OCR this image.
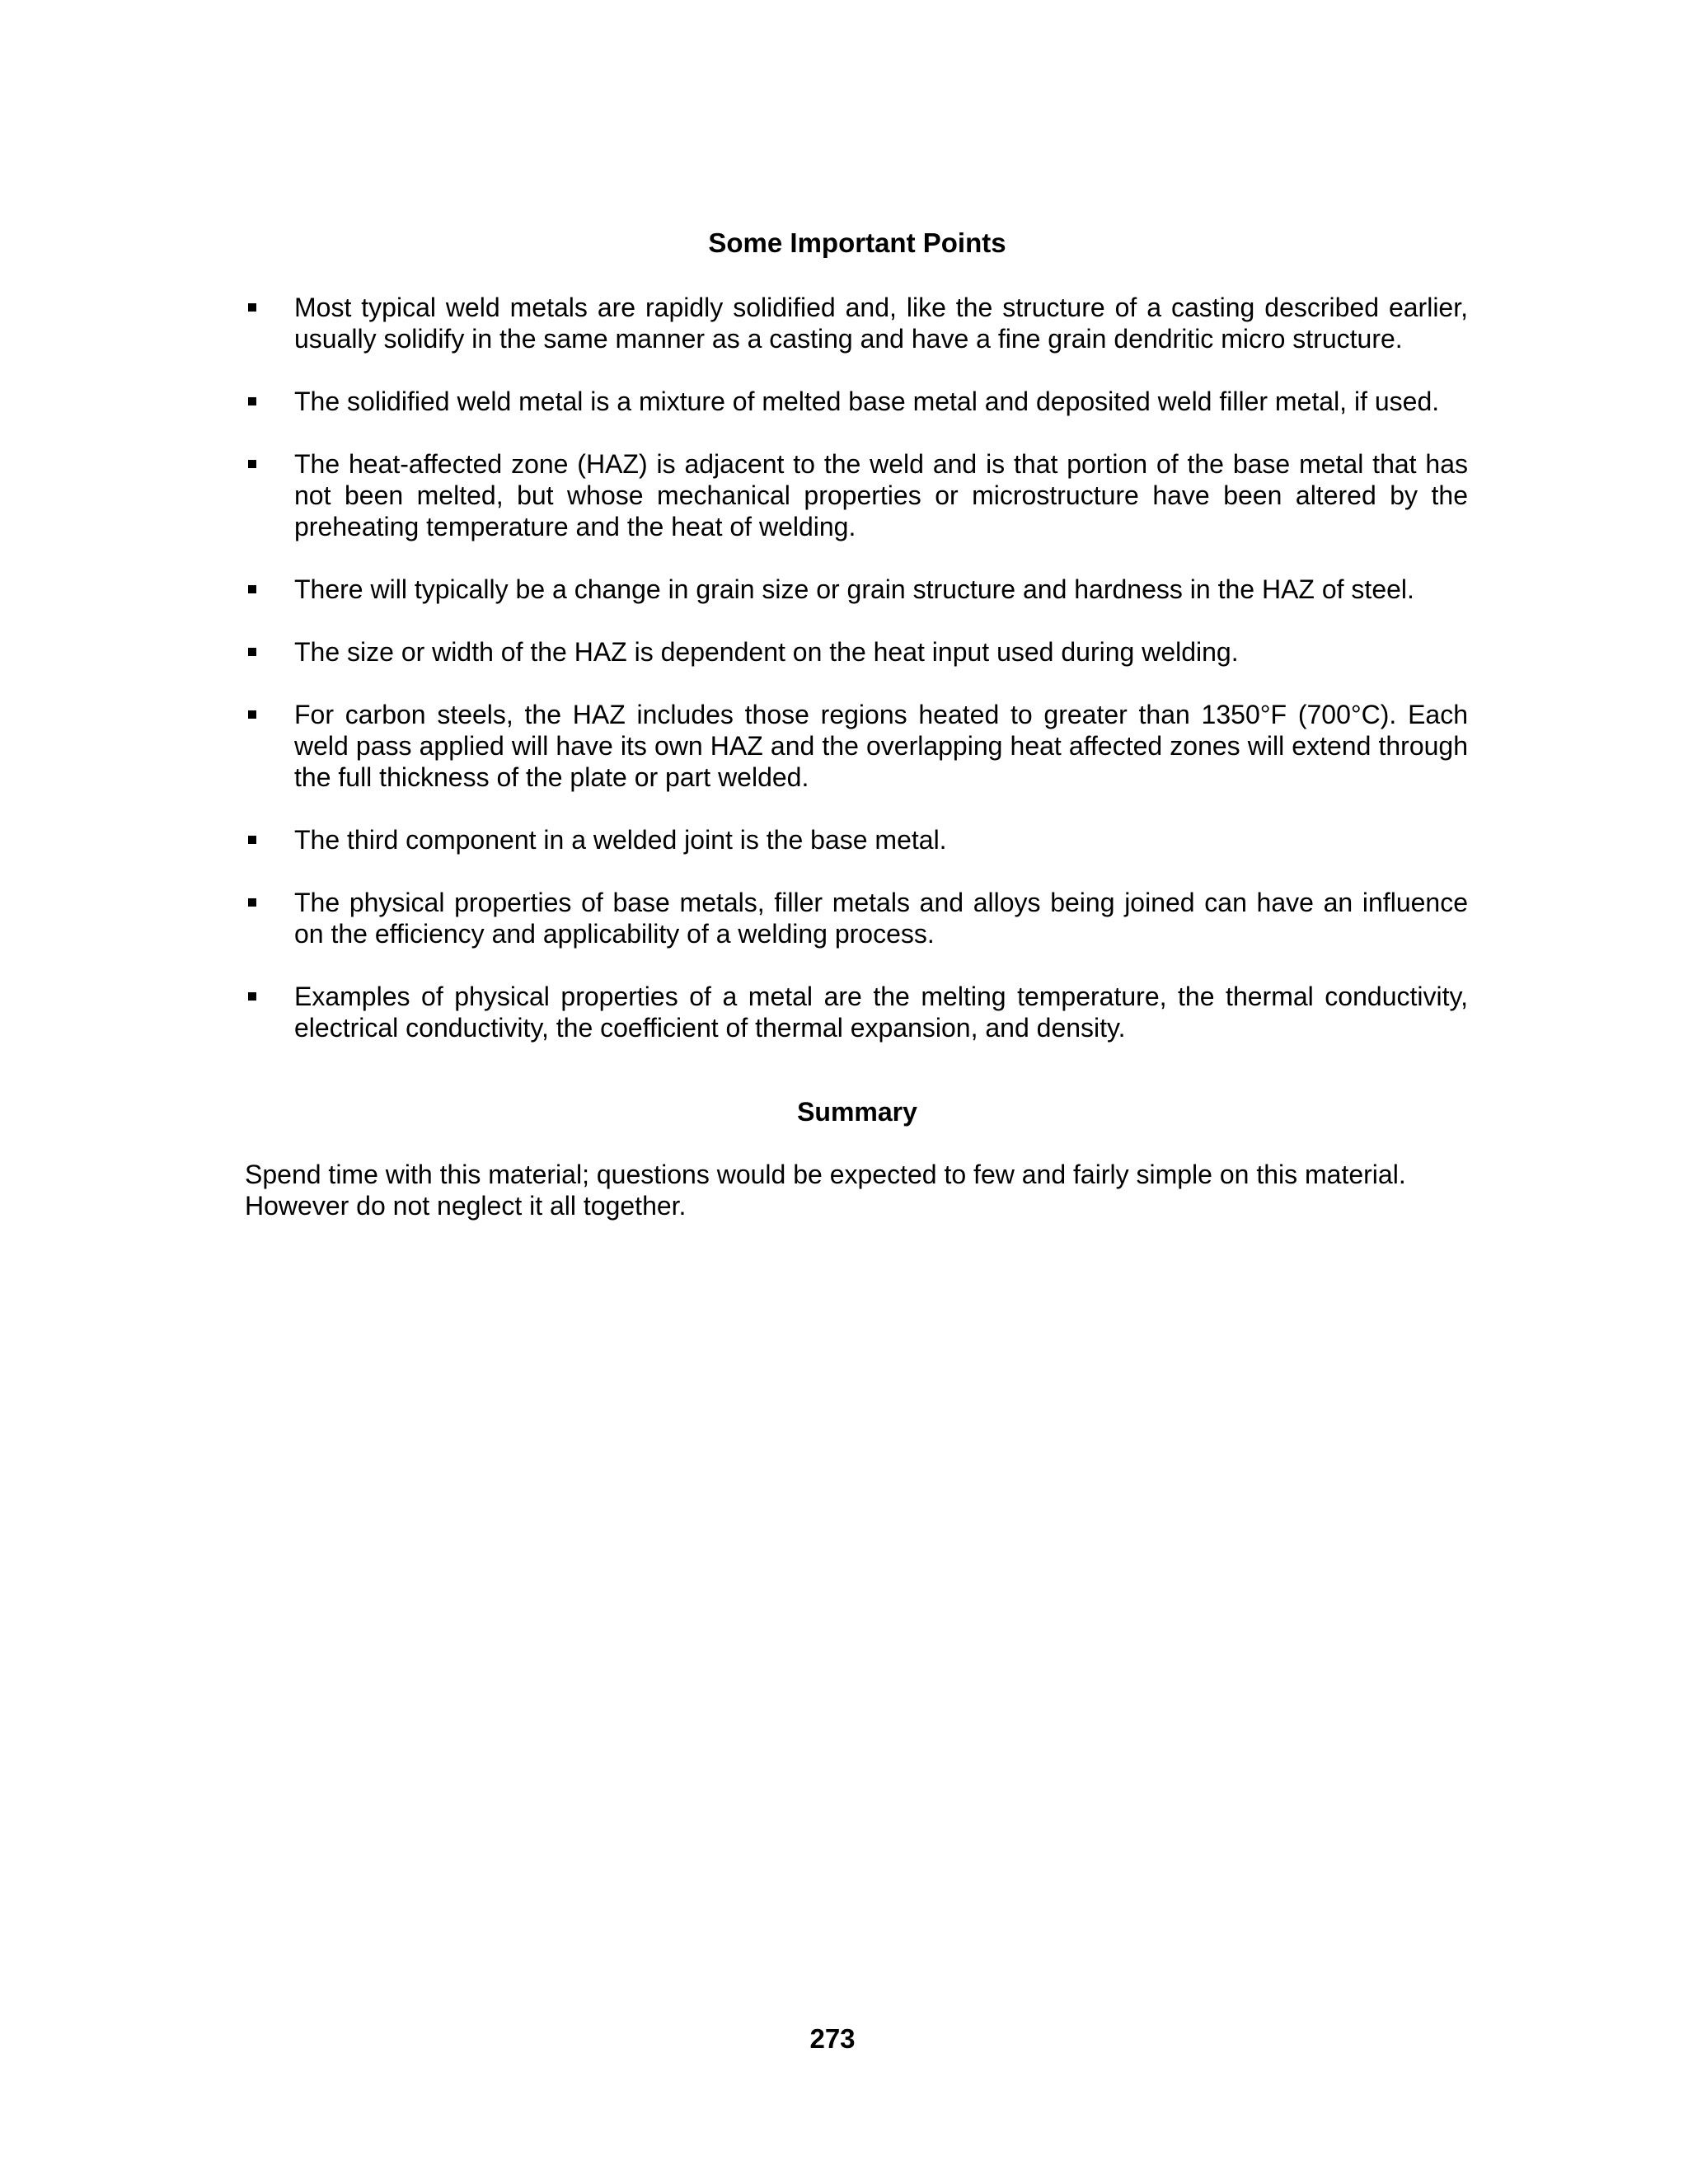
Some Important Points
Most typical weld metals are rapidly solidified and, like the structure of a casting described earlier, usually solidify in the same manner as a casting and have a fine grain dendritic micro structure.
The solidified weld metal is a mixture of melted base metal and deposited weld filler metal, if used.
The heat-affected zone (HAZ) is adjacent to the weld and is that portion of the base metal that has not been melted, but whose mechanical properties or microstructure have been altered by the preheating temperature and the heat of welding.
There will typically be a change in grain size or grain structure and hardness in the HAZ of steel.
The size or width of the HAZ is dependent on the heat input used during welding.
For carbon steels, the HAZ includes those regions heated to greater than 1350°F (700°C). Each weld pass applied will have its own HAZ and the overlapping heat affected zones will extend through the full thickness of the plate or part welded.
The third component in a welded joint is the base metal.
The physical properties of base metals, filler metals and alloys being joined can have an influence on the efficiency and applicability of a welding process.
Examples of physical properties of a metal are the melting temperature, the thermal conductivity, electrical conductivity, the coefficient of thermal expansion, and density.
Summary

Spend time with this material; questions would be expected to few and fairly simple on this material.
However do not neglect it all together.

273
